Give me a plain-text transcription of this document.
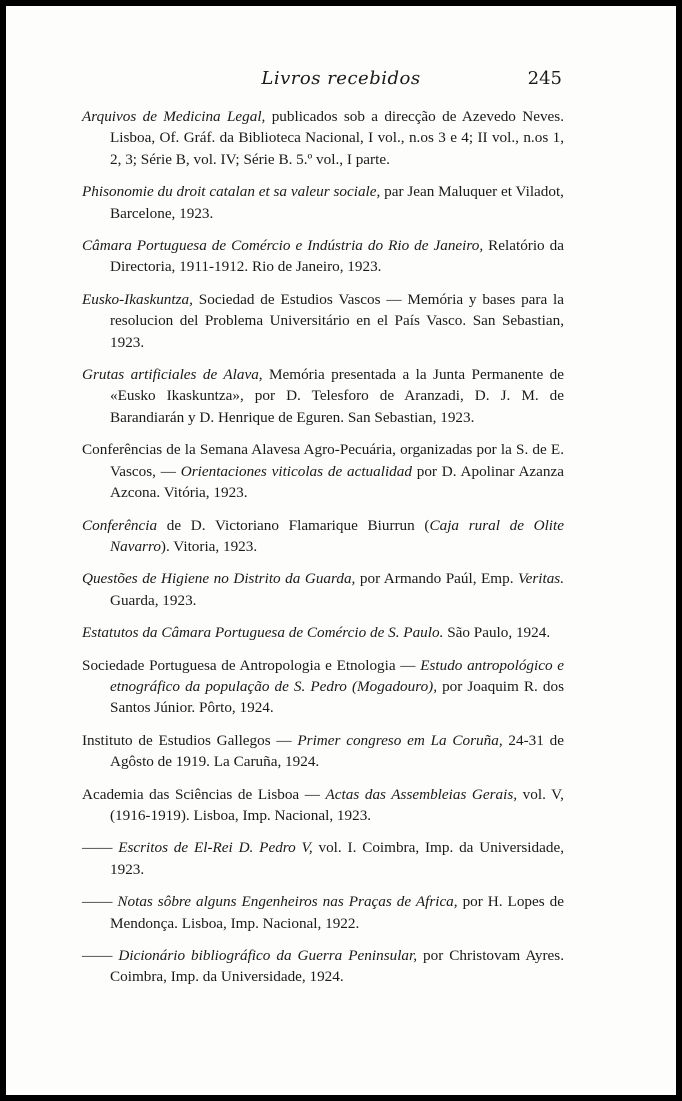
Livros recebidos	245

Arquivos de Medicina Legal, publicados sob a direcção de Azevedo Neves. Lisboa, Of. Gráf. da Biblioteca Nacional, I vol., n.os 3 e 4; II vol., n.os 1, 2, 3; Série B, vol. IV; Série B. 5.º vol., I parte.

Phisonomie du droit catalan et sa valeur sociale, par Jean Maluquer et Viladot, Barcelone, 1923.

Câmara Portuguesa de Comércio e Indústria do Rio de Janeiro, Relatório da Directoria, 1911-1912. Rio de Janeiro, 1923.

Eusko-Ikaskuntza, Sociedad de Estudios Vascos — Memória y bases para la resolucion del Problema Universitário en el País Vasco. San Sebastian, 1923.

Grutas artificiales de Alava, Memória presentada a la Junta Permanente de «Eusko Ikaskuntza», por D. Telesforo de Aranzadi, D. J. M. de Barandiarán y D. Henrique de Eguren. San Sebastian, 1923.

Conferências de la Semana Alavesa Agro-Pecuária, organizadas por la S. de E. Vascos, — Orientaciones viticolas de actualidad por D. Apolinar Azanza Azcona. Vitória, 1923.

Conferência de D. Victoriano Flamarique Biurrun (Caja rural de Olite Navarro). Vitoria, 1923.

Questões de Higiene no Distrito da Guarda, por Armando Paúl, Emp. Veritas. Guarda, 1923.

Estatutos da Câmara Portuguesa de Comércio de S. Paulo. São Paulo, 1924.

Sociedade Portuguesa de Antropologia e Etnologia — Estudo antropológico e etnográfico da população de S. Pedro (Mogadouro), por Joaquim R. dos Santos Júnior. Pôrto, 1924.

Instituto de Estudios Gallegos — Primer congreso em La Coruña, 24-31 de Agôsto de 1919. La Caruña, 1924.

Academia das Sciências de Lisboa — Actas das Assembleias Gerais, vol. V, (1916-1919). Lisboa, Imp. Nacional, 1923.

—— Escritos de El-Rei D. Pedro V, vol. I. Coimbra, Imp. da Universidade, 1923.

—— Notas sôbre alguns Engenheiros nas Praças de Africa, por H. Lopes de Mendonça. Lisboa, Imp. Nacional, 1922.

—— Dicionário bibliográfico da Guerra Peninsular, por Christovam Ayres. Coimbra, Imp. da Universidade, 1924.
